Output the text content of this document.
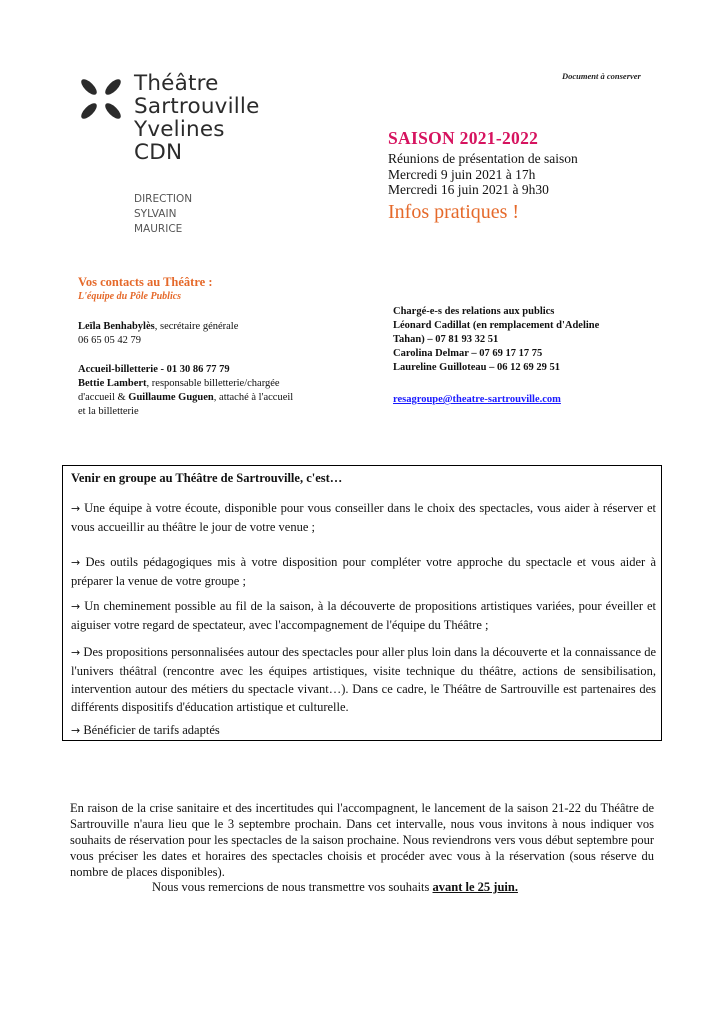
Théâtre
Sartrouville
Yvelines
CDN
DIRECTION
SYLVAIN
MAURICE
Document à conserver
SAISON 2021-2022
Réunions de présentation de saison
Mercredi 9 juin 2021 à 17h
Mercredi 16 juin 2021 à 9h30
Infos pratiques !
Vos contacts au Théâtre :
L'équipe du Pôle Publics
Leïla Benhabylès, secrétaire générale
06 65 05 42 79
Accueil-billetterie - 01 30 86 77 79
Bettie Lambert, responsable billetterie/chargée
d'accueil & Guillaume Guguen, attaché à l'accueil
et la billetterie
Chargé-e-s des relations aux publics
Léonard Cadillat (en remplacement d'Adeline
Tahan) – 07 81 93 32 51
Carolina Delmar – 07 69 17 17 75
Laureline Guilloteau – 06 12 69 29 51
resagroupe@theatre-sartrouville.com
Venir en groupe au Théâtre de Sartrouville, c'est…
→ Une équipe à votre écoute, disponible pour vous conseiller dans le choix des spectacles, vous aider à réserver et vous accueillir au théâtre le jour de votre venue ;
→ Des outils pédagogiques mis à votre disposition pour compléter votre approche du spectacle et vous aider à préparer la venue de votre groupe ;
→ Un cheminement possible au fil de la saison, à la découverte de propositions artistiques variées, pour éveiller et aiguiser votre regard de spectateur, avec l'accompagnement de l'équipe du Théâtre ;
→ Des propositions personnalisées autour des spectacles pour aller plus loin dans la découverte et la connaissance de l'univers théâtral (rencontre avec les équipes artistiques, visite technique du théâtre, actions de sensibilisation, intervention autour des métiers du spectacle vivant…). Dans ce cadre, le Théâtre de Sartrouville est partenaires des différents dispositifs d'éducation artistique et culturelle.
→ Bénéficier de tarifs adaptés
En raison de la crise sanitaire et des incertitudes qui l'accompagnent, le lancement de la saison 21-22 du Théâtre de Sartrouville n'aura lieu que le 3 septembre prochain. Dans cet intervalle, nous vous invitons à nous indiquer vos souhaits de réservation pour les spectacles de la saison prochaine. Nous reviendrons vers vous début septembre pour vous préciser les dates et horaires des spectacles choisis et procéder avec vous à la réservation (sous réserve du nombre de places disponibles).
Nous vous remercions de nous transmettre vos souhaits avant le 25 juin.
